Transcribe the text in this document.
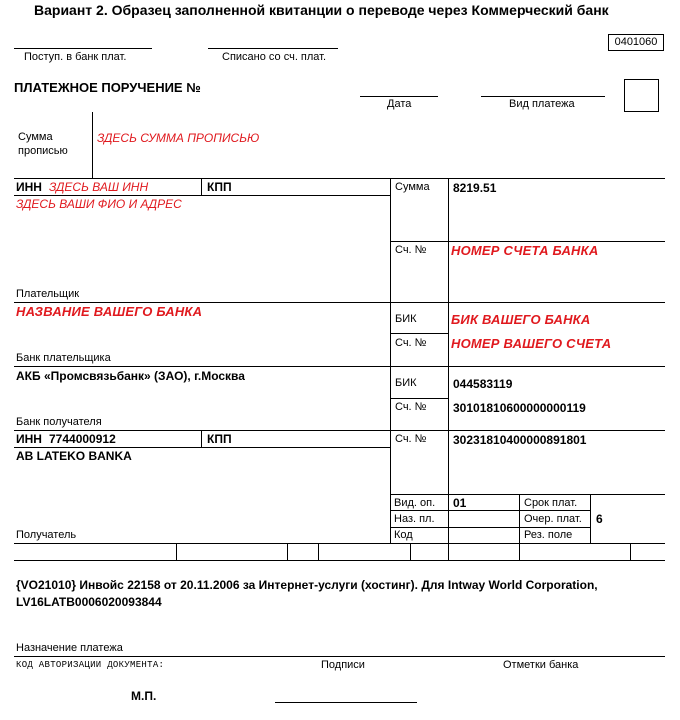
Вариант 2. Образец заполненной квитанции о переводе через Коммерческий банк
0401060
Поступ. в банк плат.	Списано со сч. плат.
ПЛАТЕЖНОЕ ПОРУЧЕНИЕ №
Дата	Вид платежа
Сумма
прописью
ЗДЕСЬ СУММА ПРОПИСЬЮ
ИНН ЗДЕСЬ ВАШ ИНН	КПП
ЗДЕСЬ ВАШИ ФИО И АДРЕС
Плательщик
Сумма 8219.51
Сч. № НОМЕР СЧЕТА БАНКА
НАЗВАНИЕ ВАШЕГО БАНКА
Банк плательщика
БИК	БИК ВАШЕГО БАНКА
Сч. № НОМЕР ВАШЕГО СЧЕТА
АКБ «Промсвязьбанк» (ЗАО), г.Москва
Банк получателя
БИК	044583119
Сч. № 30101810600000000119
ИНН 7744000912	КПП
AB LATEKO BANKA
Получатель
Сч. № 30231810400000891801
Вид. оп. 01	Срок плат.
Наз. пл.	Очер. плат. 6
Код	Рез. поле
{VO21010} Инвойс 22158 от 20.11.2006 за Интернет-услуги (хостинг). Для Intway World Corporation,
LV16LATB0006020093844
Назначение платежа
КОД АВТОРИЗАЦИИ ДОКУМЕНТА:	Подписи	Отметки банка
М.П.
